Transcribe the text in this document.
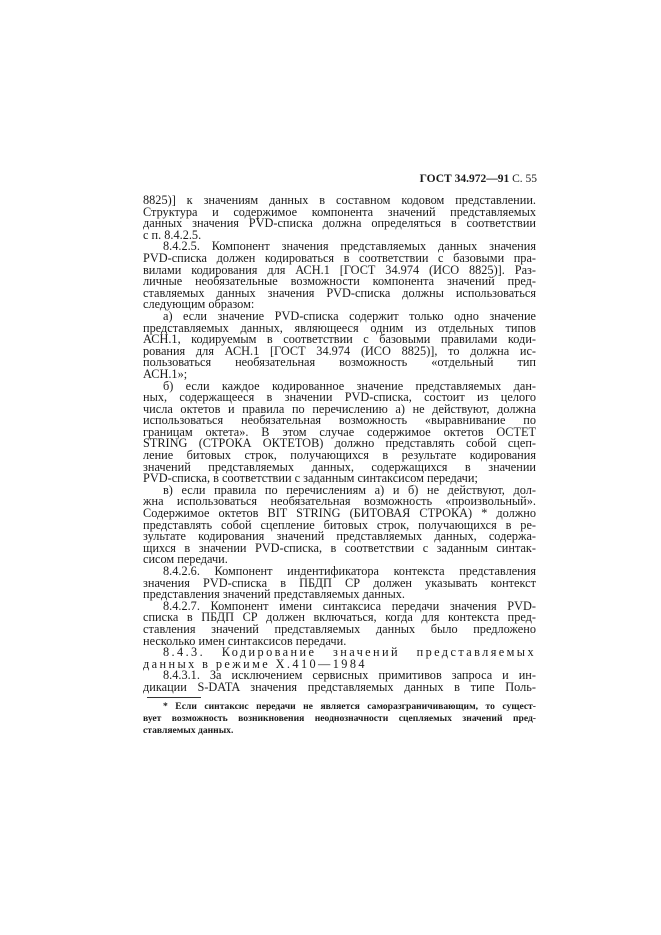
ГОСТ 34.972—91 С. 55
8825)] к значениям данных в составном кодовом представлении.
Структура и содержимое компонента значений представляемых
данных значения PVD-списка должна определяться в соответствии
с п. 8.4.2.5.
8.4.2.5. Компонент значения представляемых данных значения
PVD-списка должен кодироваться в соответствии с базовыми пра-
вилами кодирования для АСН.1 [ГОСТ 34.974 (ИСО 8825)]. Раз-
личные необязательные возможности компонента значений пред-
ставляемых данных значения PVD-списка должны использоваться
следующим образом:
а) если значение PVD-списка содержит только одно значение
представляемых данных, являющееся одним из отдельных типов
АСН.1, кодируемым в соответствии с базовыми правилами коди-
рования для АСН.1 [ГОСТ 34.974 (ИСО 8825)], то должна ис-
пользоваться необязательная возможность «отдельный тип
АСН.1»;
б) если каждое кодированное значение представляемых дан-
ных, содержащееся в значении PVD-списка, состоит из целого
числа октетов и правила по перечислению а) не действуют, должна
использоваться необязательная возможность «выравнивание по
границам октета». В этом случае содержимое октетов OCTET
STRING (СТРОКА ОКТЕТОВ) должно представлять собой сцеп-
ление битовых строк, получающихся в результате кодирования
значений представляемых данных, содержащихся в значении
PVD-списка, в соответствии с заданным синтаксисом передачи;
в) если правила по перечислениям а) и б) не действуют, дол-
жна использоваться необязательная возможность «произвольный».
Содержимое октетов BIT STRING (БИТОВАЯ СТРОКА) * должно
представлять собой сцепление битовых строк, получающихся в ре-
зультате кодирования значений представляемых данных, содержа-
щихся в значении PVD-списка, в соответствии с заданным синтак-
сисом передачи.
8.4.2.6. Компонент индентификатора контекста представления
значения PVD-списка в ПБДП СР должен указывать контекст
представления значений представляемых данных.
8.4.2.7. Компонент имени синтаксиса передачи значения PVD-
списка в ПБДП СР должен включаться, когда для контекста пред-
ставления значений представляемых данных было предложено
несколько имен синтаксисов передачи.
8.4.3. Кодирование значений представляемых
данных в режиме X.410—1984
8.4.3.1. За исключением сервисных примитивов запроса и ин-
дикации S-DATA значения представляемых данных в типе Поль-
* Если синтаксис передачи не является саморазграничивающим, то сущест-
вует возможность возникновения неоднозначности сцепляемых значений пред-
ставляемых данных.
